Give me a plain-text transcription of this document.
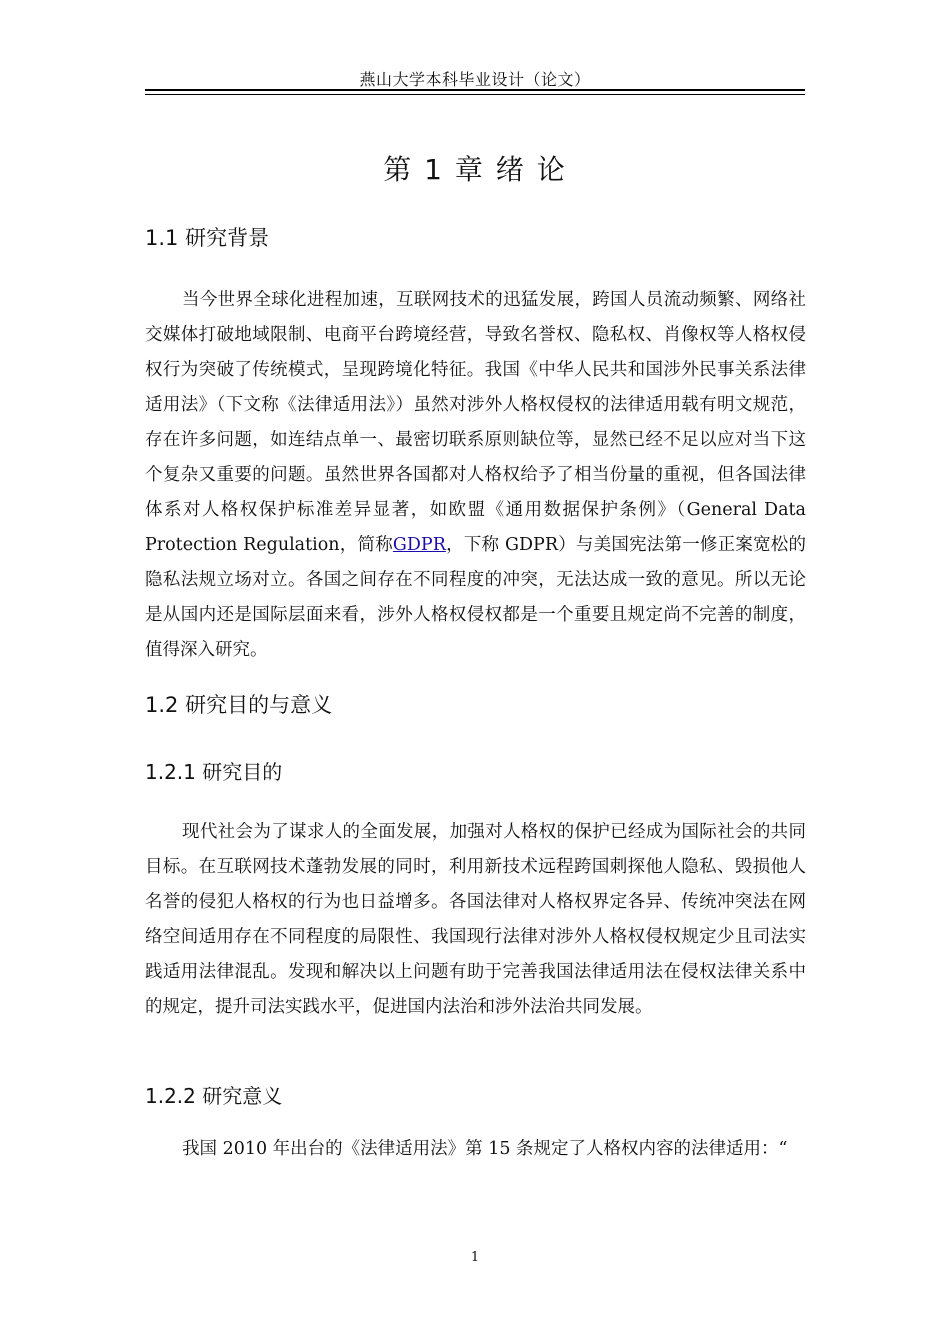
燕山大学本科毕业设计（论文）
第 1 章 绪 论
1.1 研究背景

当今世界全球化进程加速，互联网技术的迅猛发展，跨国人员流动频繁、网络社交媒体打破地域限制、电商平台跨境经营，导致名誉权、隐私权、肖像权等人格权侵权行为突破了传统模式，呈现跨境化特征。我国《中华人民共和国涉外民事关系法律适用法》（下文称《法律适用法》）虽然对涉外人格权侵权的法律适用载有明文规范，存在许多问题，如连结点单一、最密切联系原则缺位等，显然已经不足以应对当下这个复杂又重要的问题。虽然世界各国都对人格权给予了相当份量的重视，但各国法律体系对人格权保护标准差异显著，如欧盟《通用数据保护条例》（General Data Protection Regulation，简称GDPR，下称 GDPR）与美国宪法第一修正案宽松的隐私法规立场对立。各国之间存在不同程度的冲突，无法达成一致的意见。所以无论是从国内还是国际层面来看，涉外人格权侵权都是一个重要且规定尚不完善的制度，值得深入研究。

1.2 研究目的与意义
1.2.1 研究目的

现代社会为了谋求人的全面发展，加强对人格权的保护已经成为国际社会的共同目标。在互联网技术蓬勃发展的同时，利用新技术远程跨国刺探他人隐私、毁损他人名誉的侵犯人格权的行为也日益增多。各国法律对人格权界定各异、传统冲突法在网络空间适用存在不同程度的局限性、我国现行法律对涉外人格权侵权规定少且司法实践适用法律混乱。发现和解决以上问题有助于完善我国法律适用法在侵权法律关系中的规定，提升司法实践水平，促进国内法治和涉外法治共同发展。

1.2.2 研究意义

我国 2010 年出台的《法律适用法》第 15 条规定了人格权内容的法律适用：“

1
